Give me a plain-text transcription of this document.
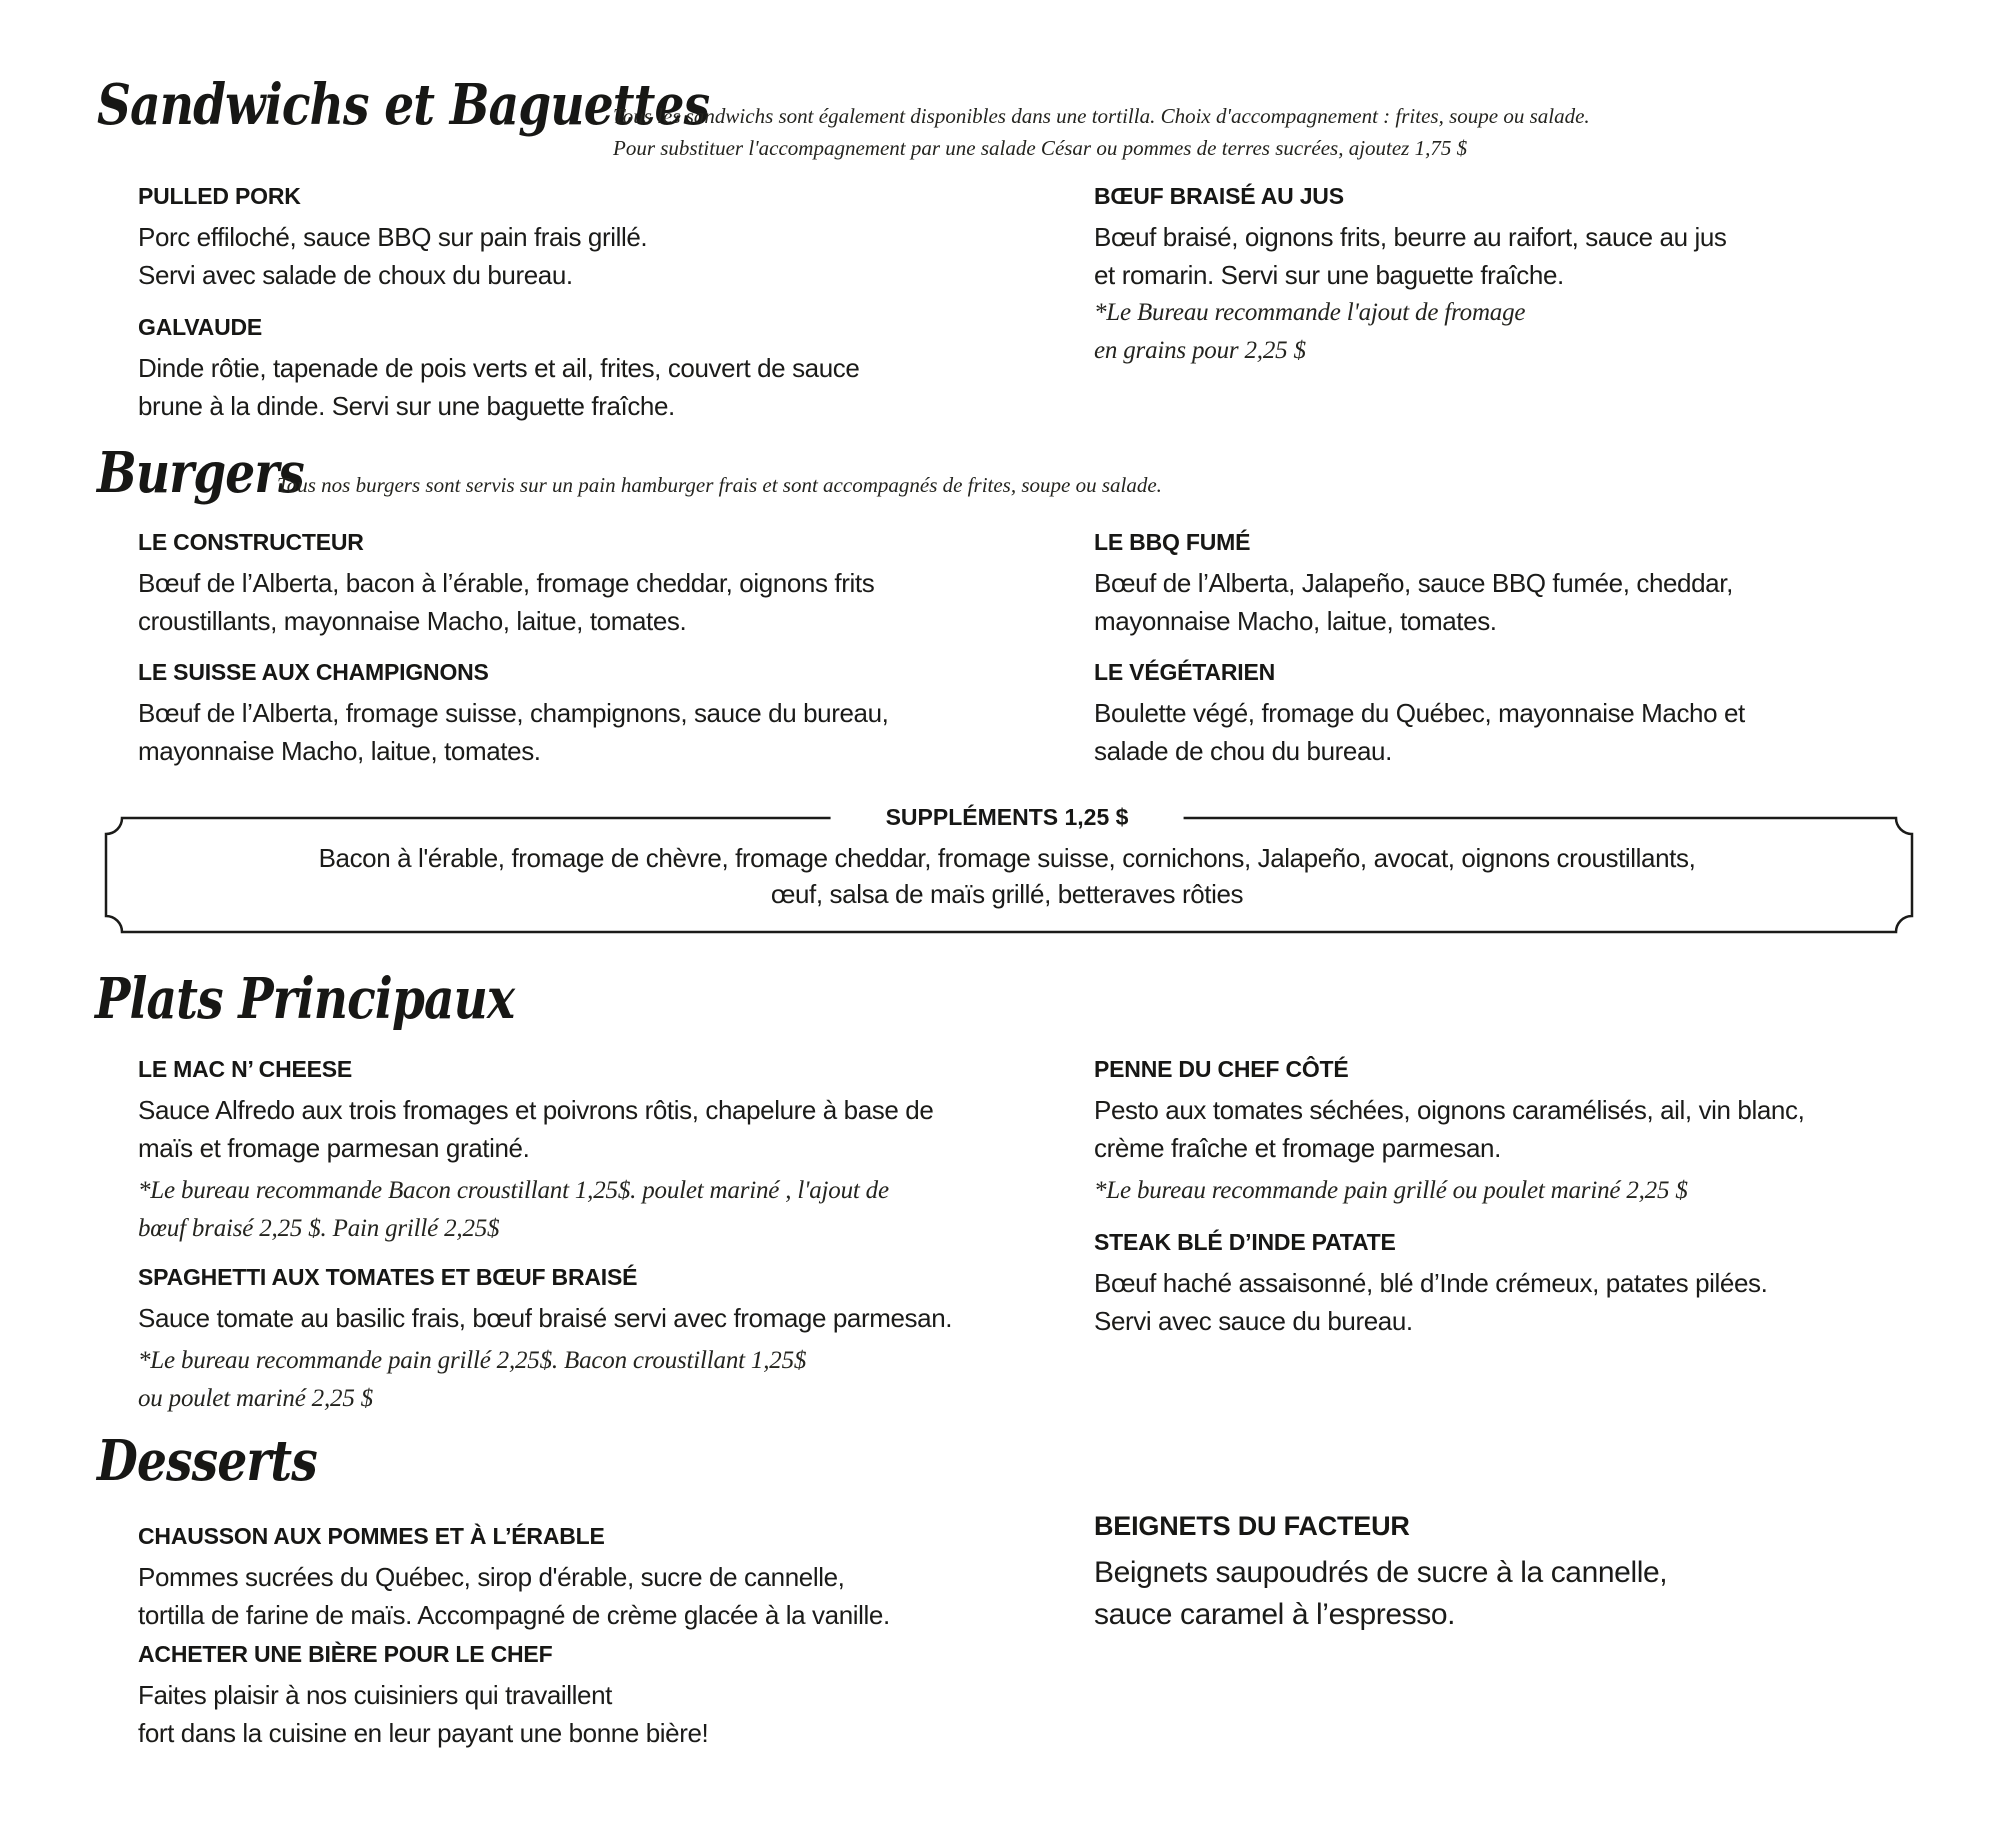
Sandwichs et Baguettes
Tous les sandwichs sont également disponibles dans une tortilla. Choix d'accompagnement : frites, soupe ou salade.
Pour substituer l'accompagnement par une salade César ou pommes de terres sucrées, ajoutez 1,75 $
PULLED PORK
Porc effiloché, sauce BBQ sur pain frais grillé.
Servi avec salade de choux du bureau.
GALVAUDE
Dinde rôtie, tapenade de pois verts et ail, frites, couvert de sauce
brune à la dinde. Servi sur une baguette fraîche.
BŒUF BRAISÉ AU JUS
Bœuf braisé, oignons frits, beurre au raifort, sauce au jus
et romarin. Servi sur une baguette fraîche.
*Le Bureau recommande l'ajout de fromage
en grains pour 2,25 $
Burgers
Tous nos burgers sont servis sur un pain hamburger frais et sont accompagnés de frites, soupe ou salade.
LE CONSTRUCTEUR
Bœuf de l’Alberta, bacon à l’érable, fromage cheddar, oignons frits
croustillants, mayonnaise Macho, laitue, tomates.
LE SUISSE AUX CHAMPIGNONS
Bœuf de l’Alberta, fromage suisse, champignons, sauce du bureau,
mayonnaise Macho, laitue, tomates.
LE BBQ FUMÉ
Bœuf de l’Alberta, Jalapeño, sauce BBQ fumée, cheddar,
mayonnaise Macho, laitue, tomates.
LE VÉGÉTARIEN
Boulette végé, fromage du Québec, mayonnaise Macho et
salade de chou du bureau.
SUPPLÉMENTS 1,25 $
Bacon à l'érable, fromage de chèvre, fromage cheddar, fromage suisse, cornichons, Jalapeño, avocat, oignons croustillants,
œuf, salsa de maïs grillé, betteraves rôties
Plats Principaux
LE MAC N’ CHEESE
Sauce Alfredo aux trois fromages et poivrons rôtis, chapelure à base de
maïs et fromage parmesan gratiné.
*Le bureau recommande Bacon croustillant 1,25$. poulet mariné , l'ajout de
bœuf braisé 2,25 $. Pain grillé 2,25$
SPAGHETTI AUX TOMATES ET BŒUF BRAISÉ
Sauce tomate au basilic frais, bœuf braisé servi avec fromage parmesan.
*Le bureau recommande pain grillé 2,25$. Bacon croustillant 1,25$
ou poulet mariné 2,25 $
PENNE DU CHEF CÔTÉ
Pesto aux tomates séchées, oignons caramélisés, ail, vin blanc,
crème fraîche et fromage parmesan.
*Le bureau recommande pain grillé ou poulet mariné 2,25 $
STEAK BLÉ D’INDE PATATE
Bœuf haché assaisonné, blé d’Inde crémeux, patates pilées.
Servi avec sauce du bureau.
Desserts
CHAUSSON AUX POMMES ET À L’ÉRABLE
Pommes sucrées du Québec, sirop d'érable, sucre de cannelle,
tortilla de farine de maïs. Accompagné de crème glacée à la vanille.
ACHETER UNE BIÈRE POUR LE CHEF
Faites plaisir à nos cuisiniers qui travaillent
fort dans la cuisine en leur payant une bonne bière!
BEIGNETS DU FACTEUR
Beignets saupoudrés de sucre à la cannelle,
sauce caramel à l’espresso.
